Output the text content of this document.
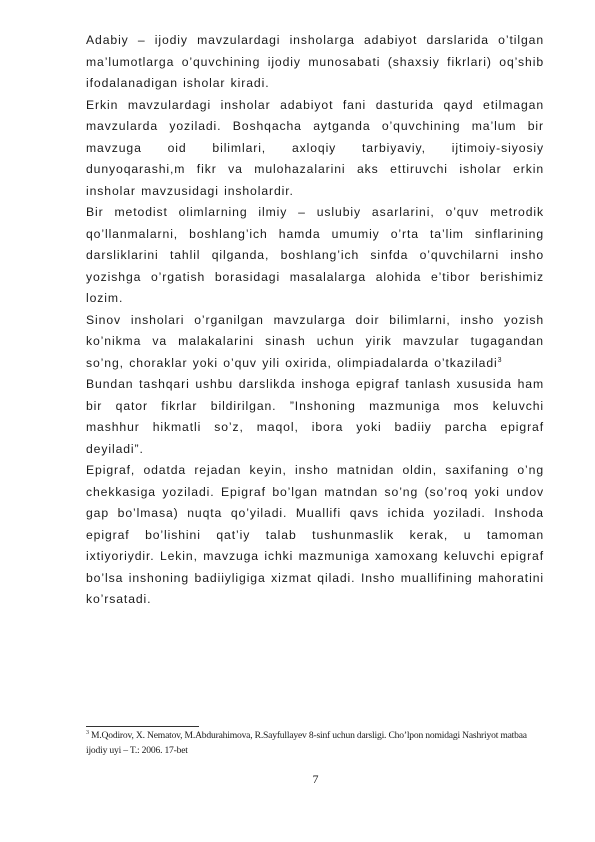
Adabiy – ijodiy mavzulardagi insholarga adabiyot darslarida o’tilgan ma’lumotlarga o’quvchining ijodiy munosabati (shaxsiy fikrlari) oq’shib ifodalanadigan isholar kiradi.

Erkin mavzulardagi insholar adabiyot fani dasturida qayd etilmagan mavzularda yoziladi. Boshqacha aytganda o’quvchining ma’lum bir mavzuga oid bilimlari, axloqiy tarbiyaviy, ijtimoiy-siyosiy dunyoqarashi,m fikr va mulohazalarini aks ettiruvchi isholar erkin insholar mavzusidagi insholardir.

Bir metodist olimlarning ilmiy – uslubiy asarlarini, o’quv metrodik qo’llanmalarni, boshlang’ich hamda umumiy o’rta ta’lim sinflarining darsliklarini tahlil qilganda, boshlang’ich sinfda o’quvchilarni insho yozishga o’rgatish borasidagi masalalarga alohida e’tibor berishimiz lozim.

Sinov insholari o’rganilgan mavzularga doir bilimlarni, insho yozish ko’nikma va malakalarini sinash uchun yirik mavzular tugagandan so’ng, choraklar yoki o’quv yili oxirida, olimpiadalarda o’tkaziladi$^3$

Bundan tashqari ushbu darslikda inshoga epigraf tanlash xususida ham bir qator fikrlar bildirilgan. ”Inshoning mazmuniga mos keluvchi mashhur hikmatli so’z, maqol, ibora yoki badiiy parcha epigraf deyiladi”.

Epigraf, odatda rejadan keyin, insho matnidan oldin, saxifaning o’ng chekkasiga yoziladi. Epigraf bo’lgan matndan so’ng (so’roq yoki undov gap bo’lmasa) nuqta qo’yiladi. Muallifi qavs ichida yoziladi. Inshoda epigraf bo’lishini qat’iy talab tushunmaslik kerak, u tamoman ixtiyoriydir. Lekin, mavzuga ichki mazmuniga xamoxang keluvchi epigraf bo’lsa inshoning badiiyligiga xizmat qiladi. Insho muallifining mahoratini ko’rsatadi.

$^3$ M.Qodirov, X. Nematov, M.Abdurahimova, R.Sayfullayev 8-sinf uchun darsligi. Cho’lpon nomidagi Nashriyot matbaa ijodiy uyi – T.: 2006. 17-bet
7
